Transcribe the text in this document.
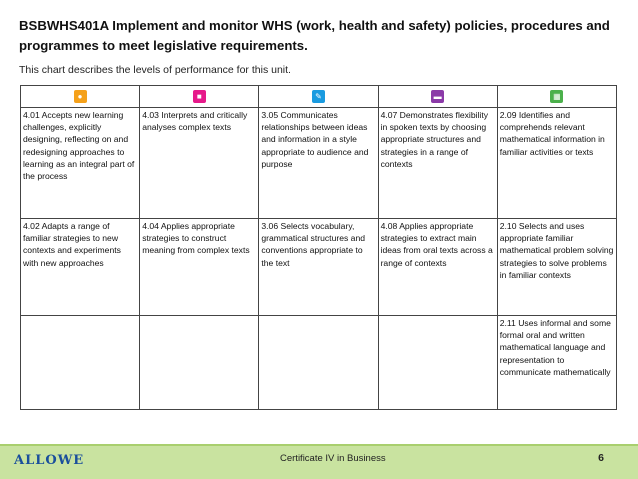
BSBWHS401A Implement and monitor WHS (work, health and safety) policies, procedures and programmes to meet legislative requirements.
This chart describes the levels of performance for this unit.
●	■	✎	▬	▦
4.01 Accepts new learning challenges, explicitly designing, reflecting on and redesigning approaches to learning as an integral part of the process	4.03 Interprets and critically analyses complex texts	3.05 Communicates relationships between ideas and information in a style appropriate to audience and purpose	4.07 Demonstrates flexibility in spoken texts by choosing appropriate structures and strategies in a range of contexts	2.09 Identifies and comprehends relevant mathematical information in familiar activities or texts
4.02 Adapts a range of familiar strategies to new contexts and experiments with new approaches	4.04 Applies appropriate strategies to construct meaning from complex texts	3.06 Selects vocabulary, grammatical structures and conventions appropriate to the text	4.08 Applies appropriate strategies to extract main ideas from oral texts across a range of contexts	2.10 Selects and uses appropriate familiar mathematical problem solving strategies to solve problems in familiar contexts
				2.11 Uses informal and some formal oral and written mathematical language and representation to communicate mathematically
ALLOWE	Certificate IV in Business	6
